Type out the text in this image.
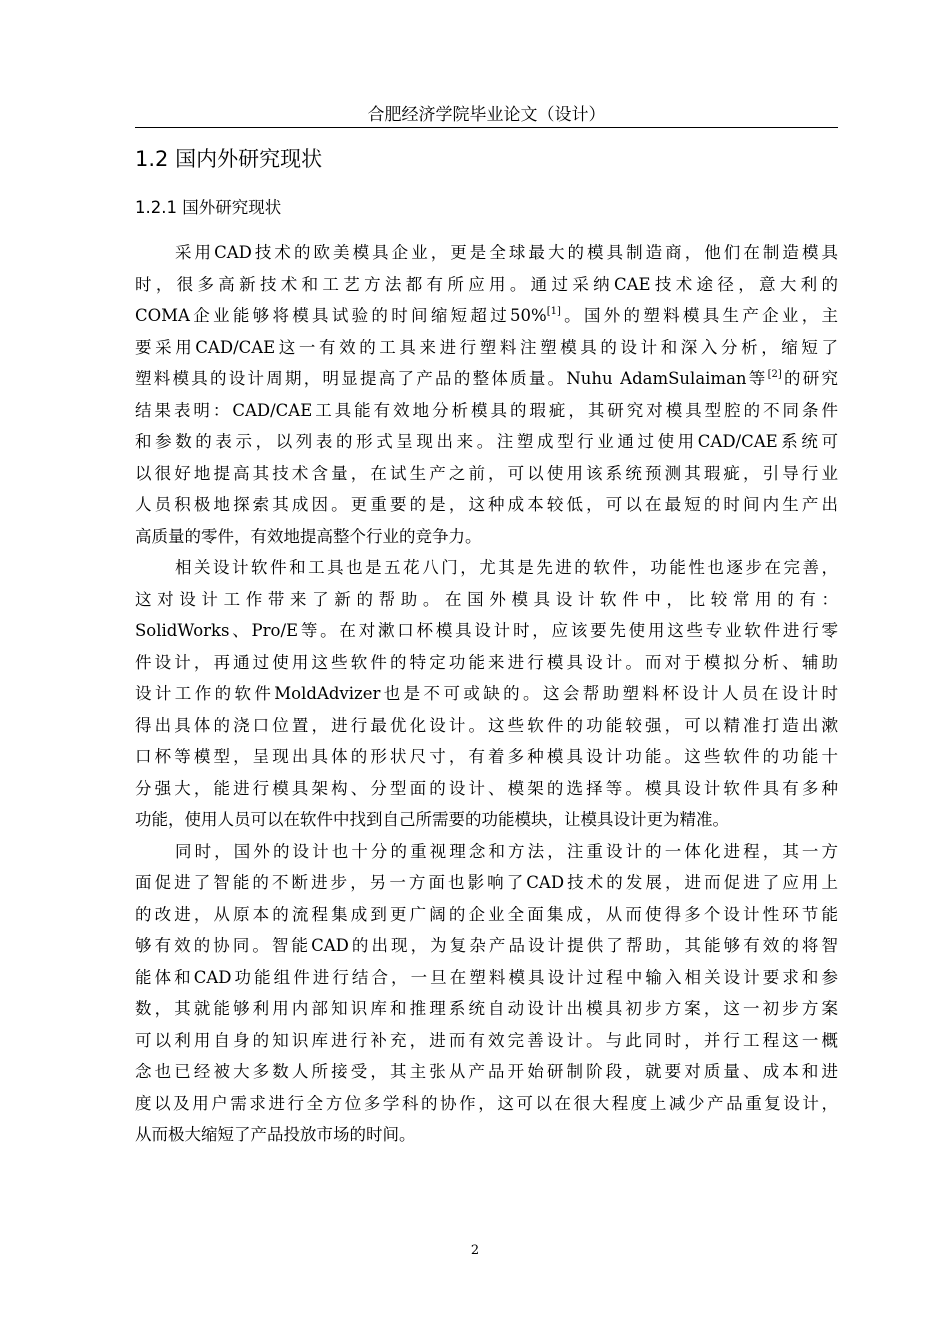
合肥经济学院毕业论文（设计）
1.2 国内外研究现状
1.2.1 国外研究现状
采用CAD技术的欧美模具企业，更是全球最大的模具制造商，他们在制造模具
时，很多高新技术和工艺方法都有所应用。通过采纳CAE技术途径，意大利的
COMA企业能够将模具试验的时间缩短超过50%[1]。国外的塑料模具生产企业，主
要采用CAD/CAE这一有效的工具来进行塑料注塑模具的设计和深入分析，缩短了
塑料模具的设计周期，明显提高了产品的整体质量。Nuhu AdamSulaiman等[2]的研究
结果表明：CAD/CAE工具能有效地分析模具的瑕疵，其研究对模具型腔的不同条件
和参数的表示，以列表的形式呈现出来。注塑成型行业通过使用CAD/CAE系统可
以很好地提高其技术含量，在试生产之前，可以使用该系统预测其瑕疵，引导行业
人员积极地探索其成因。更重要的是，这种成本较低，可以在最短的时间内生产出
高质量的零件，有效地提高整个行业的竞争力。
相关设计软件和工具也是五花八门，尤其是先进的软件，功能性也逐步在完善，
这对设计工作带来了新的帮助。在国外模具设计软件中，比较常用的有：
SolidWorks、Pro/E等。在对漱口杯模具设计时，应该要先使用这些专业软件进行零
件设计，再通过使用这些软件的特定功能来进行模具设计。而对于模拟分析、辅助
设计工作的软件MoldAdvizer也是不可或缺的。这会帮助塑料杯设计人员在设计时
得出具体的浇口位置，进行最优化设计。这些软件的功能较强，可以精准打造出漱
口杯等模型，呈现出具体的形状尺寸，有着多种模具设计功能。这些软件的功能十
分强大，能进行模具架构、分型面的设计、模架的选择等。模具设计软件具有多种
功能，使用人员可以在软件中找到自己所需要的功能模块，让模具设计更为精准。
同时，国外的设计也十分的重视理念和方法，注重设计的一体化进程，其一方
面促进了智能的不断进步，另一方面也影响了CAD技术的发展，进而促进了应用上
的改进，从原本的流程集成到更广阔的企业全面集成，从而使得多个设计性环节能
够有效的协同。智能CAD的出现，为复杂产品设计提供了帮助，其能够有效的将智
能体和CAD功能组件进行结合，一旦在塑料模具设计过程中输入相关设计要求和参
数，其就能够利用内部知识库和推理系统自动设计出模具初步方案，这一初步方案
可以利用自身的知识库进行补充，进而有效完善设计。与此同时，并行工程这一概
念也已经被大多数人所接受，其主张从产品开始研制阶段，就要对质量、成本和进
度以及用户需求进行全方位多学科的协作，这可以在很大程度上减少产品重复设计，
从而极大缩短了产品投放市场的时间。
2
